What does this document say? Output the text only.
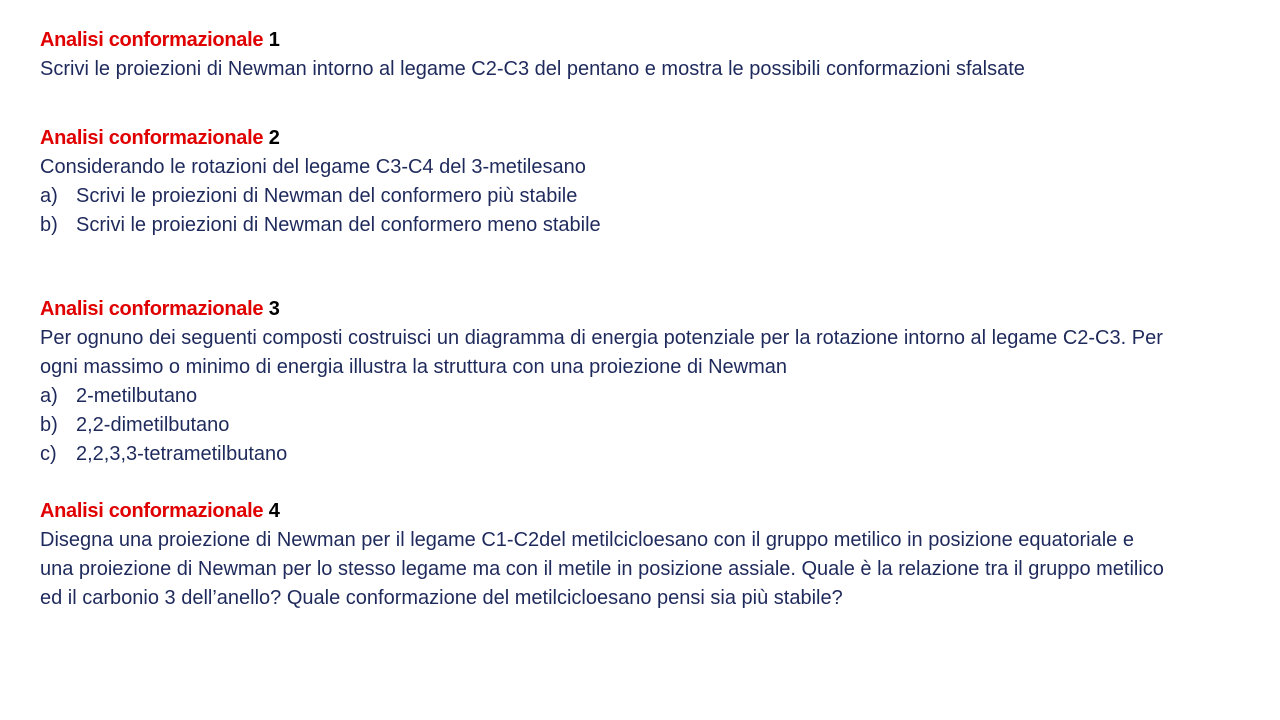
Analisi conformazionale 1
Scrivi le proiezioni di Newman intorno al legame C2-C3 del pentano e mostra le possibili conformazioni sfalsate
Analisi conformazionale 2
Considerando le rotazioni del legame C3-C4 del 3-metilesano
a) Scrivi le proiezioni di Newman del conformero più stabile
b) Scrivi le proiezioni di Newman del conformero meno stabile
Analisi conformazionale 3
Per ognuno dei seguenti composti costruisci un diagramma di energia potenziale per la rotazione intorno al legame C2-C3. Per ogni massimo o minimo di energia illustra la struttura con una proiezione di Newman
a) 2-metilbutano
b) 2,2-dimetilbutano
c) 2,2,3,3-tetrametilbutano
Analisi conformazionale 4
Disegna una proiezione di Newman per il legame C1-C2del metilcicloesano con il gruppo metilico in posizione equatoriale e una proiezione di Newman per lo stesso legame ma con il metile in posizione assiale. Quale è la relazione tra il gruppo metilico ed il carbonio 3 dell’anello? Quale conformazione del metilcicloesano pensi sia più stabile?
